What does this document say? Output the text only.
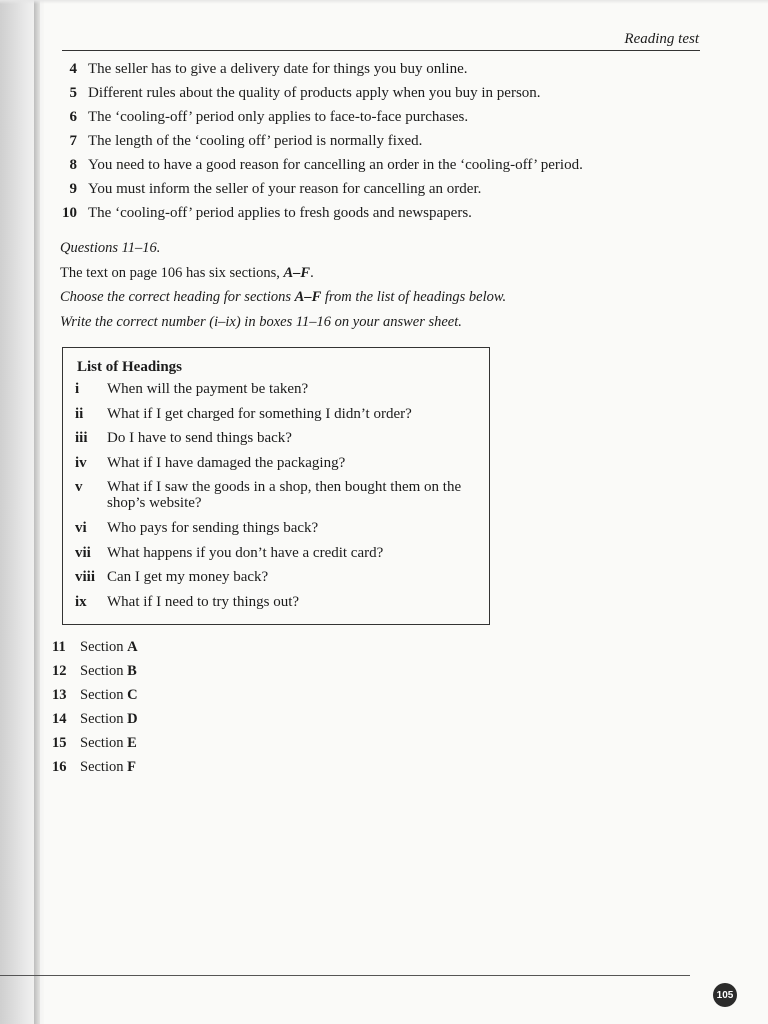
Reading test
4 The seller has to give a delivery date for things you buy online.
5 Different rules about the quality of products apply when you buy in person.
6 The ‘cooling-off’ period only applies to face-to-face purchases.
7 The length of the ‘cooling off’ period is normally fixed.
8 You need to have a good reason for cancelling an order in the ‘cooling-off’ period.
9 You must inform the seller of your reason for cancelling an order.
10 The ‘cooling-off’ period applies to fresh goods and newspapers.
Questions 11–16.
The text on page 106 has six sections, A–F.
Choose the correct heading for sections A–F from the list of headings below.
Write the correct number (i–ix) in boxes 11–16 on your answer sheet.
List of Headings
i	When will the payment be taken?
ii	What if I get charged for something I didn’t order?
iii	Do I have to send things back?
iv	What if I have damaged the packaging?
v	What if I saw the goods in a shop, then bought them on the shop’s website?
vi	Who pays for sending things back?
vii	What happens if you don’t have a credit card?
viii Can I get my money back?
ix	What if I need to try things out?
11 Section A
12 Section B
13 Section C
14 Section D
15 Section E
16 Section F
105
